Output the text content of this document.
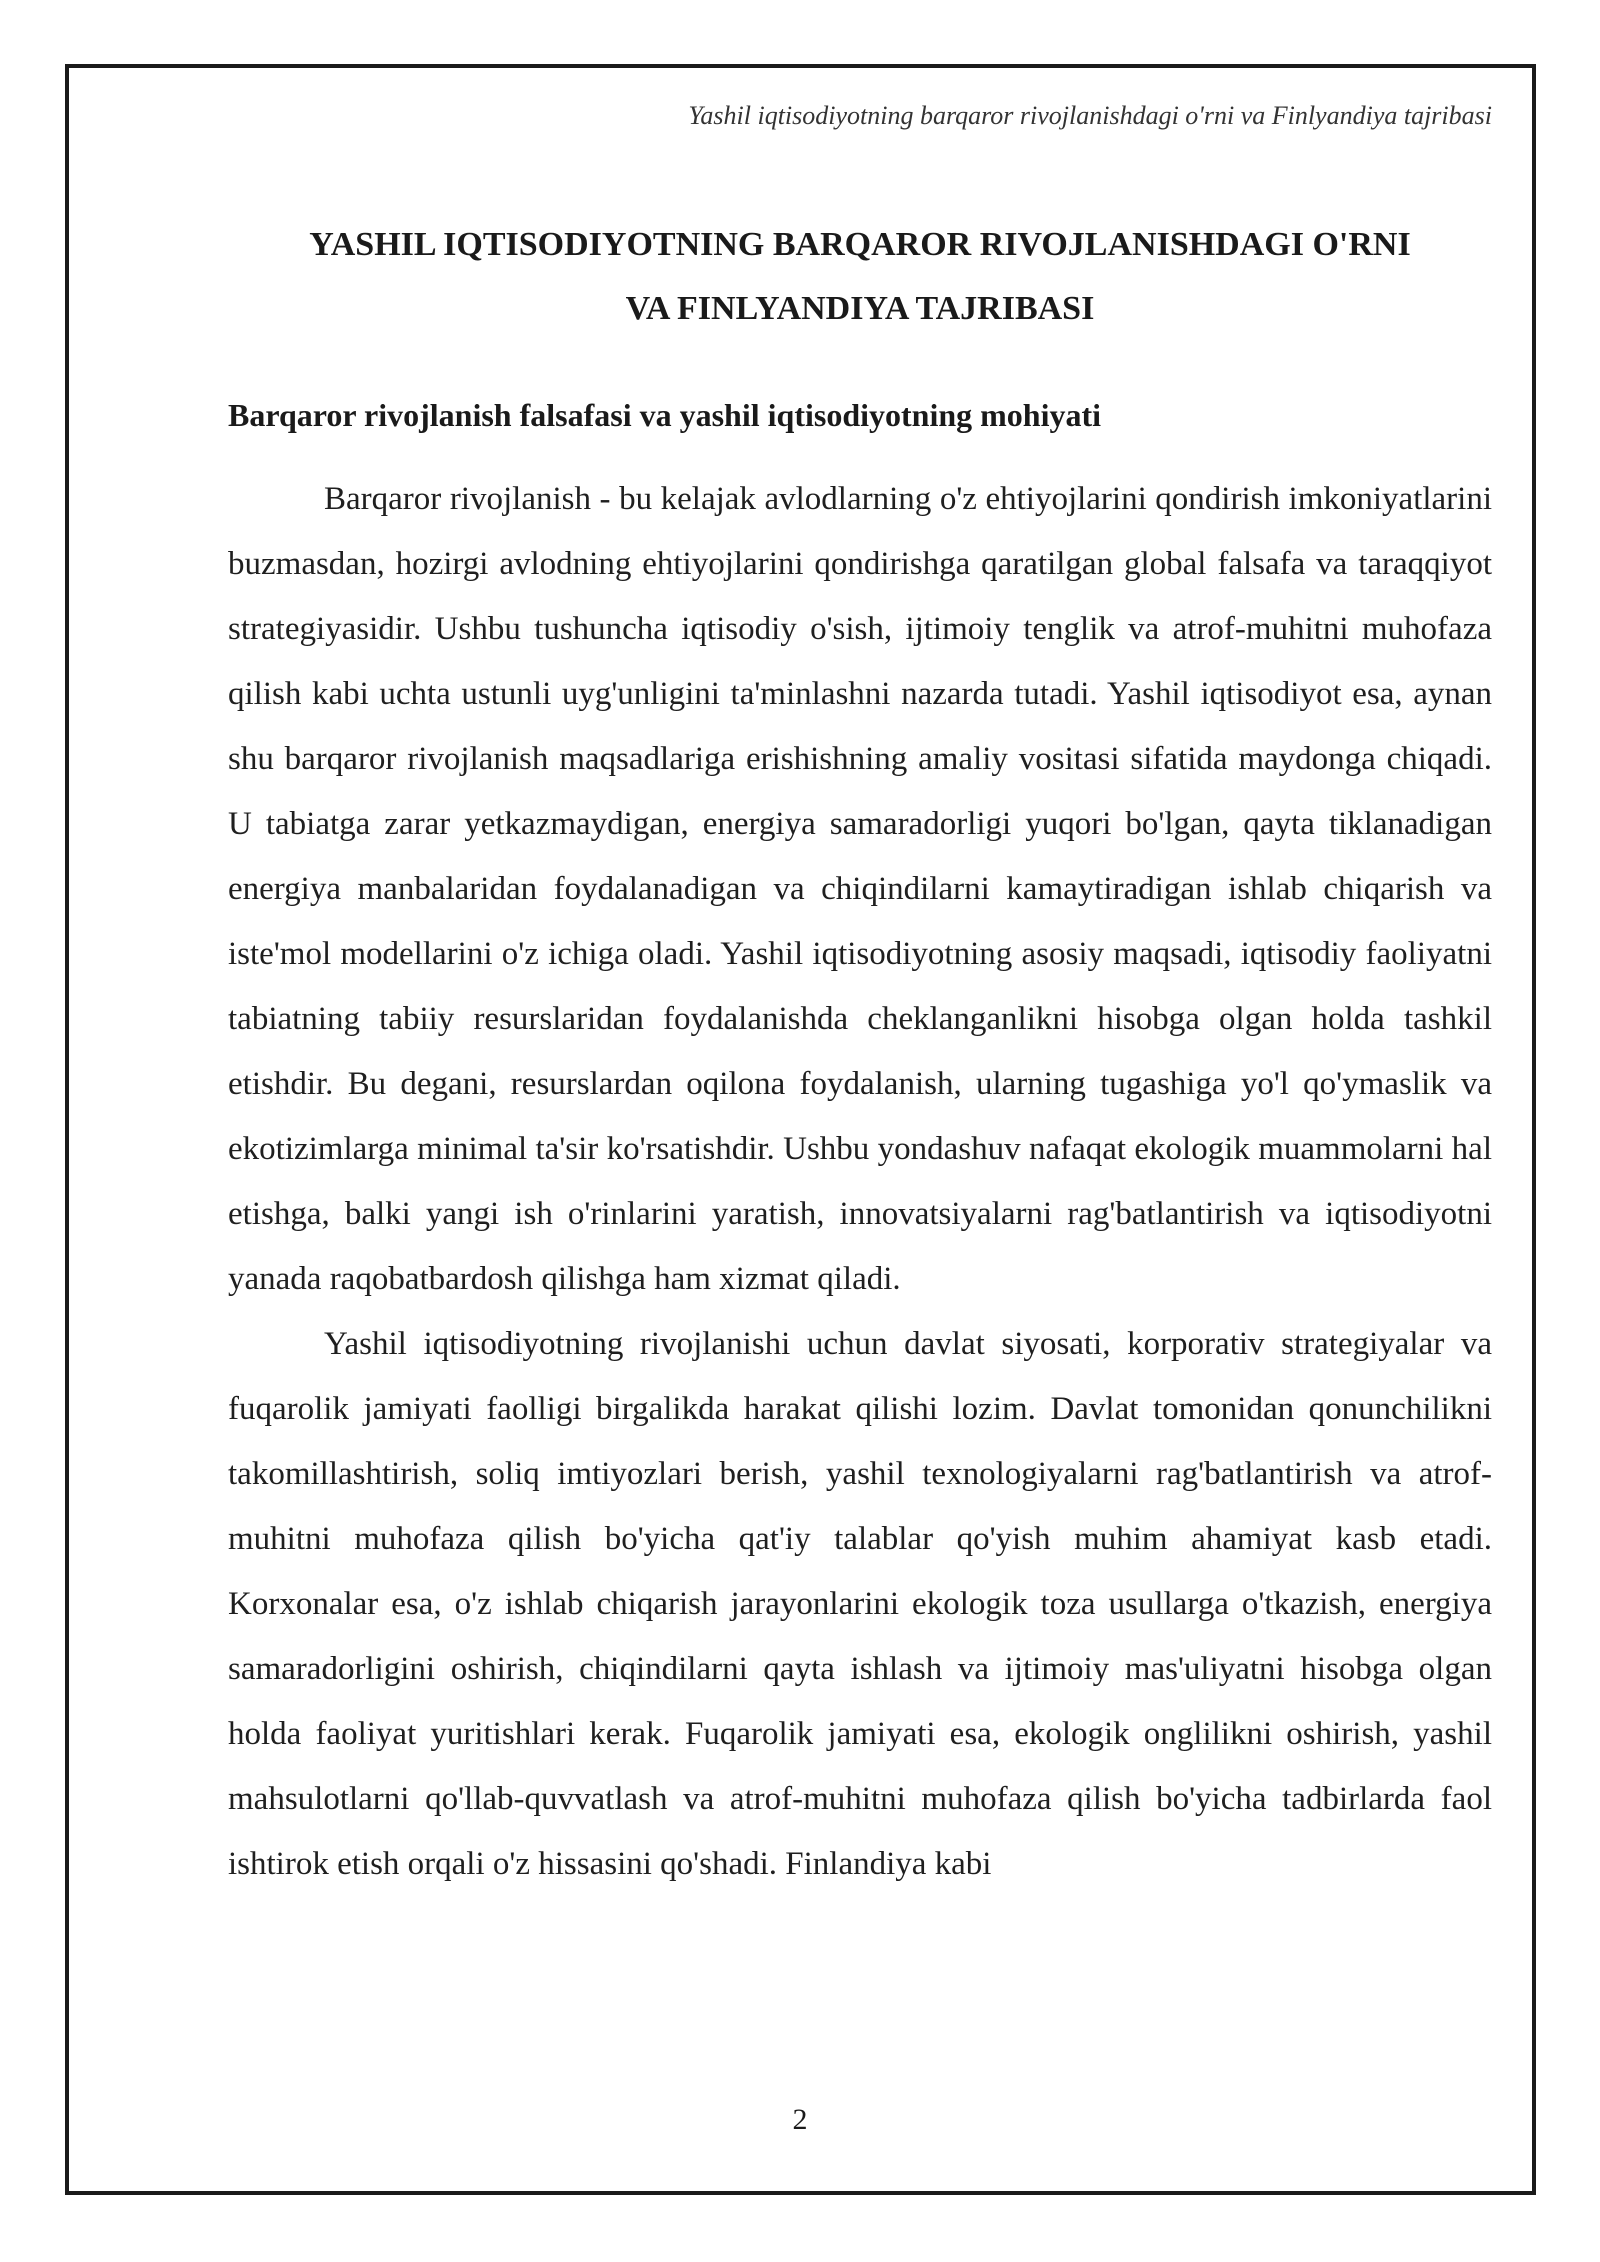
Yashil iqtisodiyotning barqaror rivojlanishdagi o'rni va Finlyandiya tajribasi
YASHIL IQTISODIYOTNING BARQAROR RIVOJLANISHDAGI O'RNI
VA FINLYANDIYA TAJRIBASI
Barqaror rivojlanish falsafasi va yashil iqtisodiyotning mohiyati

Barqaror rivojlanish - bu kelajak avlodlarning o'z ehtiyojlarini qondirish imkoniyatlarini buzmasdan, hozirgi avlodning ehtiyojlarini qondirishga qaratilgan global falsafa va taraqqiyot strategiyasidir. Ushbu tushuncha iqtisodiy o'sish, ijtimoiy tenglik va atrof-muhitni muhofaza qilish kabi uchta ustunli uyg'unligini ta'minlashni nazarda tutadi. Yashil iqtisodiyot esa, aynan shu barqaror rivojlanish maqsadlariga erishishning amaliy vositasi sifatida maydonga chiqadi. U tabiatga zarar yetkazmaydigan, energiya samaradorligi yuqori bo'lgan, qayta tiklanadigan energiya manbalaridan foydalanadigan va chiqindilarni kamaytiradigan ishlab chiqarish va iste'mol modellarini o'z ichiga oladi. Yashil iqtisodiyotning asosiy maqsadi, iqtisodiy faoliyatni tabiatning tabiiy resurslaridan foydalanishda cheklanganlikni hisobga olgan holda tashkil etishdir. Bu degani, resurslardan oqilona foydalanish, ularning tugashiga yo'l qo'ymaslik va ekotizimlarga minimal ta'sir ko'rsatishdir. Ushbu yondashuv nafaqat ekologik muammolarni hal etishga, balki yangi ish o'rinlarini yaratish, innovatsiyalarni rag'batlantirish va iqtisodiyotni yanada raqobatbardosh qilishga ham xizmat qiladi.

Yashil iqtisodiyotning rivojlanishi uchun davlat siyosati, korporativ strategiyalar va fuqarolik jamiyati faolligi birgalikda harakat qilishi lozim. Davlat tomonidan qonunchilikni takomillashtirish, soliq imtiyozlari berish, yashil texnologiyalarni rag'batlantirish va atrof-muhitni muhofaza qilish bo'yicha qat'iy talablar qo'yish muhim ahamiyat kasb etadi. Korxonalar esa, o'z ishlab chiqarish jarayonlarini ekologik toza usullarga o'tkazish, energiya samaradorligini oshirish, chiqindilarni qayta ishlash va ijtimoiy mas'uliyatni hisobga olgan holda faoliyat yuritishlari kerak. Fuqarolik jamiyati esa, ekologik onglilikni oshirish, yashil mahsulotlarni qo'llab-quvvatlash va atrof-muhitni muhofaza qilish bo'yicha tadbirlarda faol ishtirok etish orqali o'z hissasini qo'shadi. Finlandiya kabi

2
